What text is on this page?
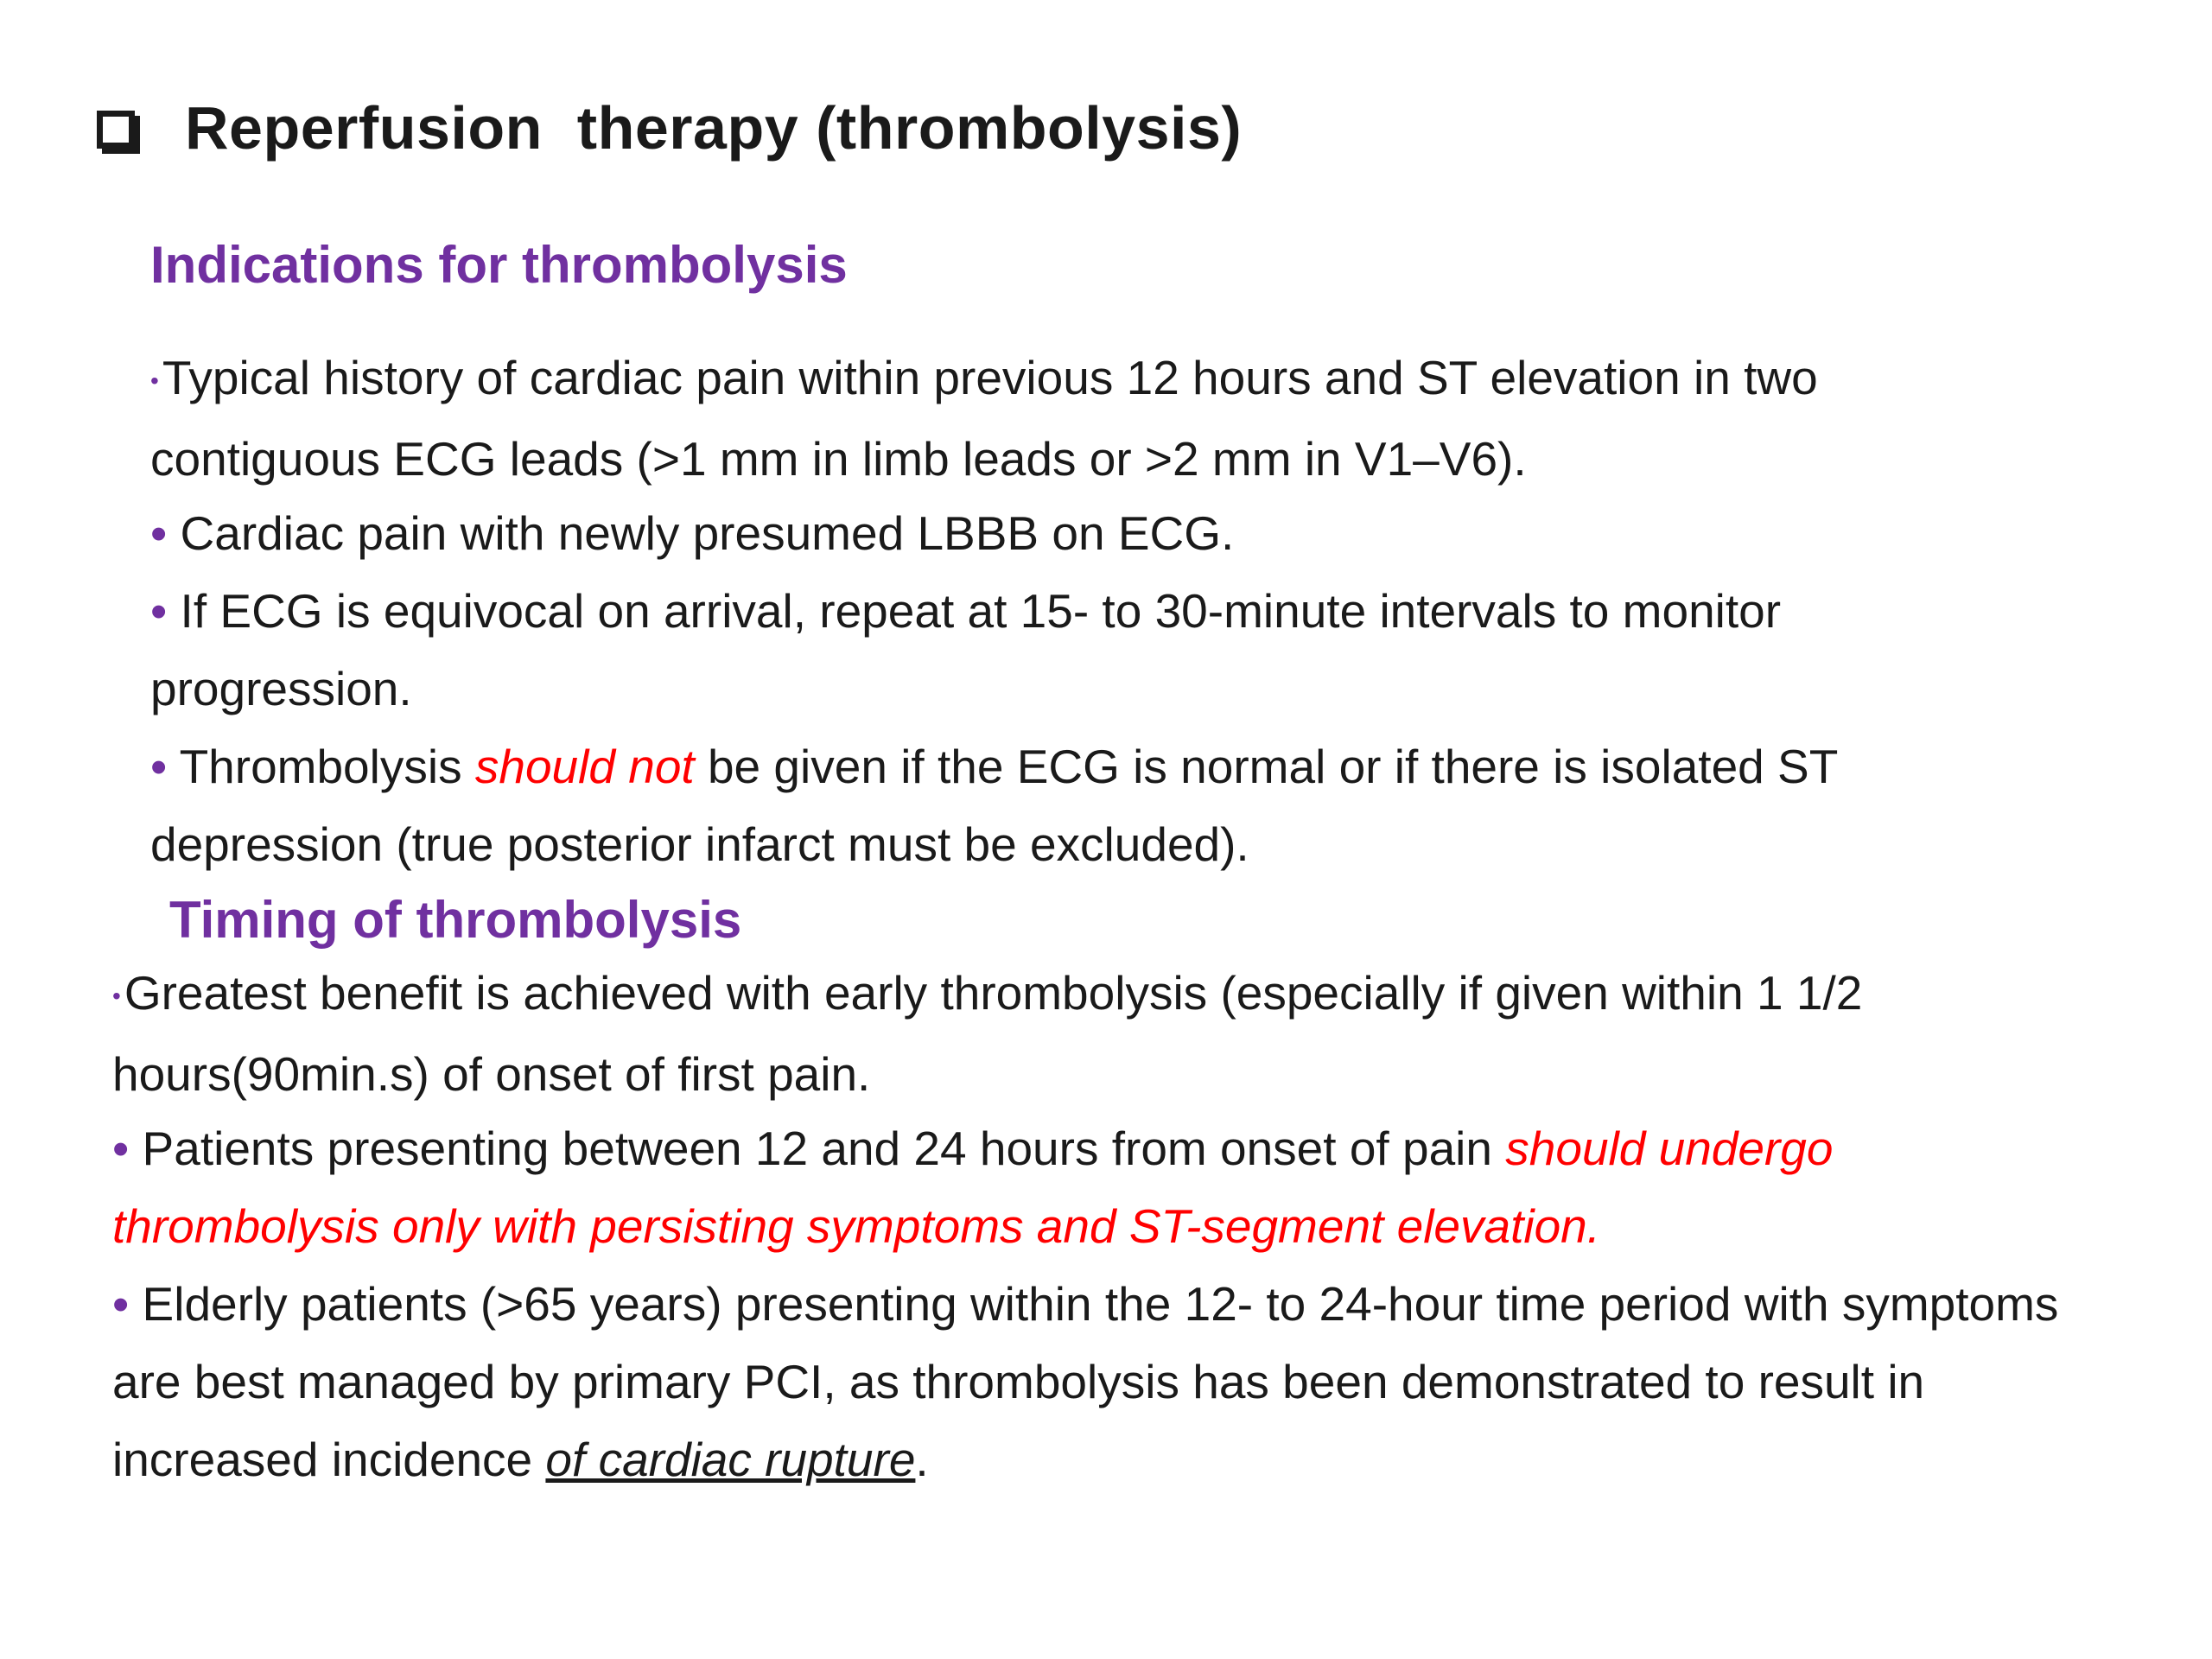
Reperfusion  therapy (thrombolysis)
Indications for thrombolysis
•Typical history of cardiac pain within previous 12 hours and ST elevation in two contiguous ECG leads (>1 mm in limb leads or >2 mm in V1–V6).
• Cardiac pain with newly presumed LBBB on ECG.
• If ECG is equivocal on arrival, repeat at 15- to 30-minute intervals to monitor progression.
• Thrombolysis should not be given if the ECG is normal or if there is isolated ST depression (true posterior infarct must be excluded).
Timing of thrombolysis
•Greatest benefit is achieved with early thrombolysis (especially if given within 1 1/2 hours(90min.s) of onset of first pain.
• Patients presenting between 12 and 24 hours from onset of pain should undergo thrombolysis only with persisting symptoms and ST-segment elevation.
• Elderly patients (>65 years) presenting within the 12- to 24-hour time period with symptoms are best managed by primary PCI, as thrombolysis has been demonstrated to result in increased incidence of cardiac rupture.
